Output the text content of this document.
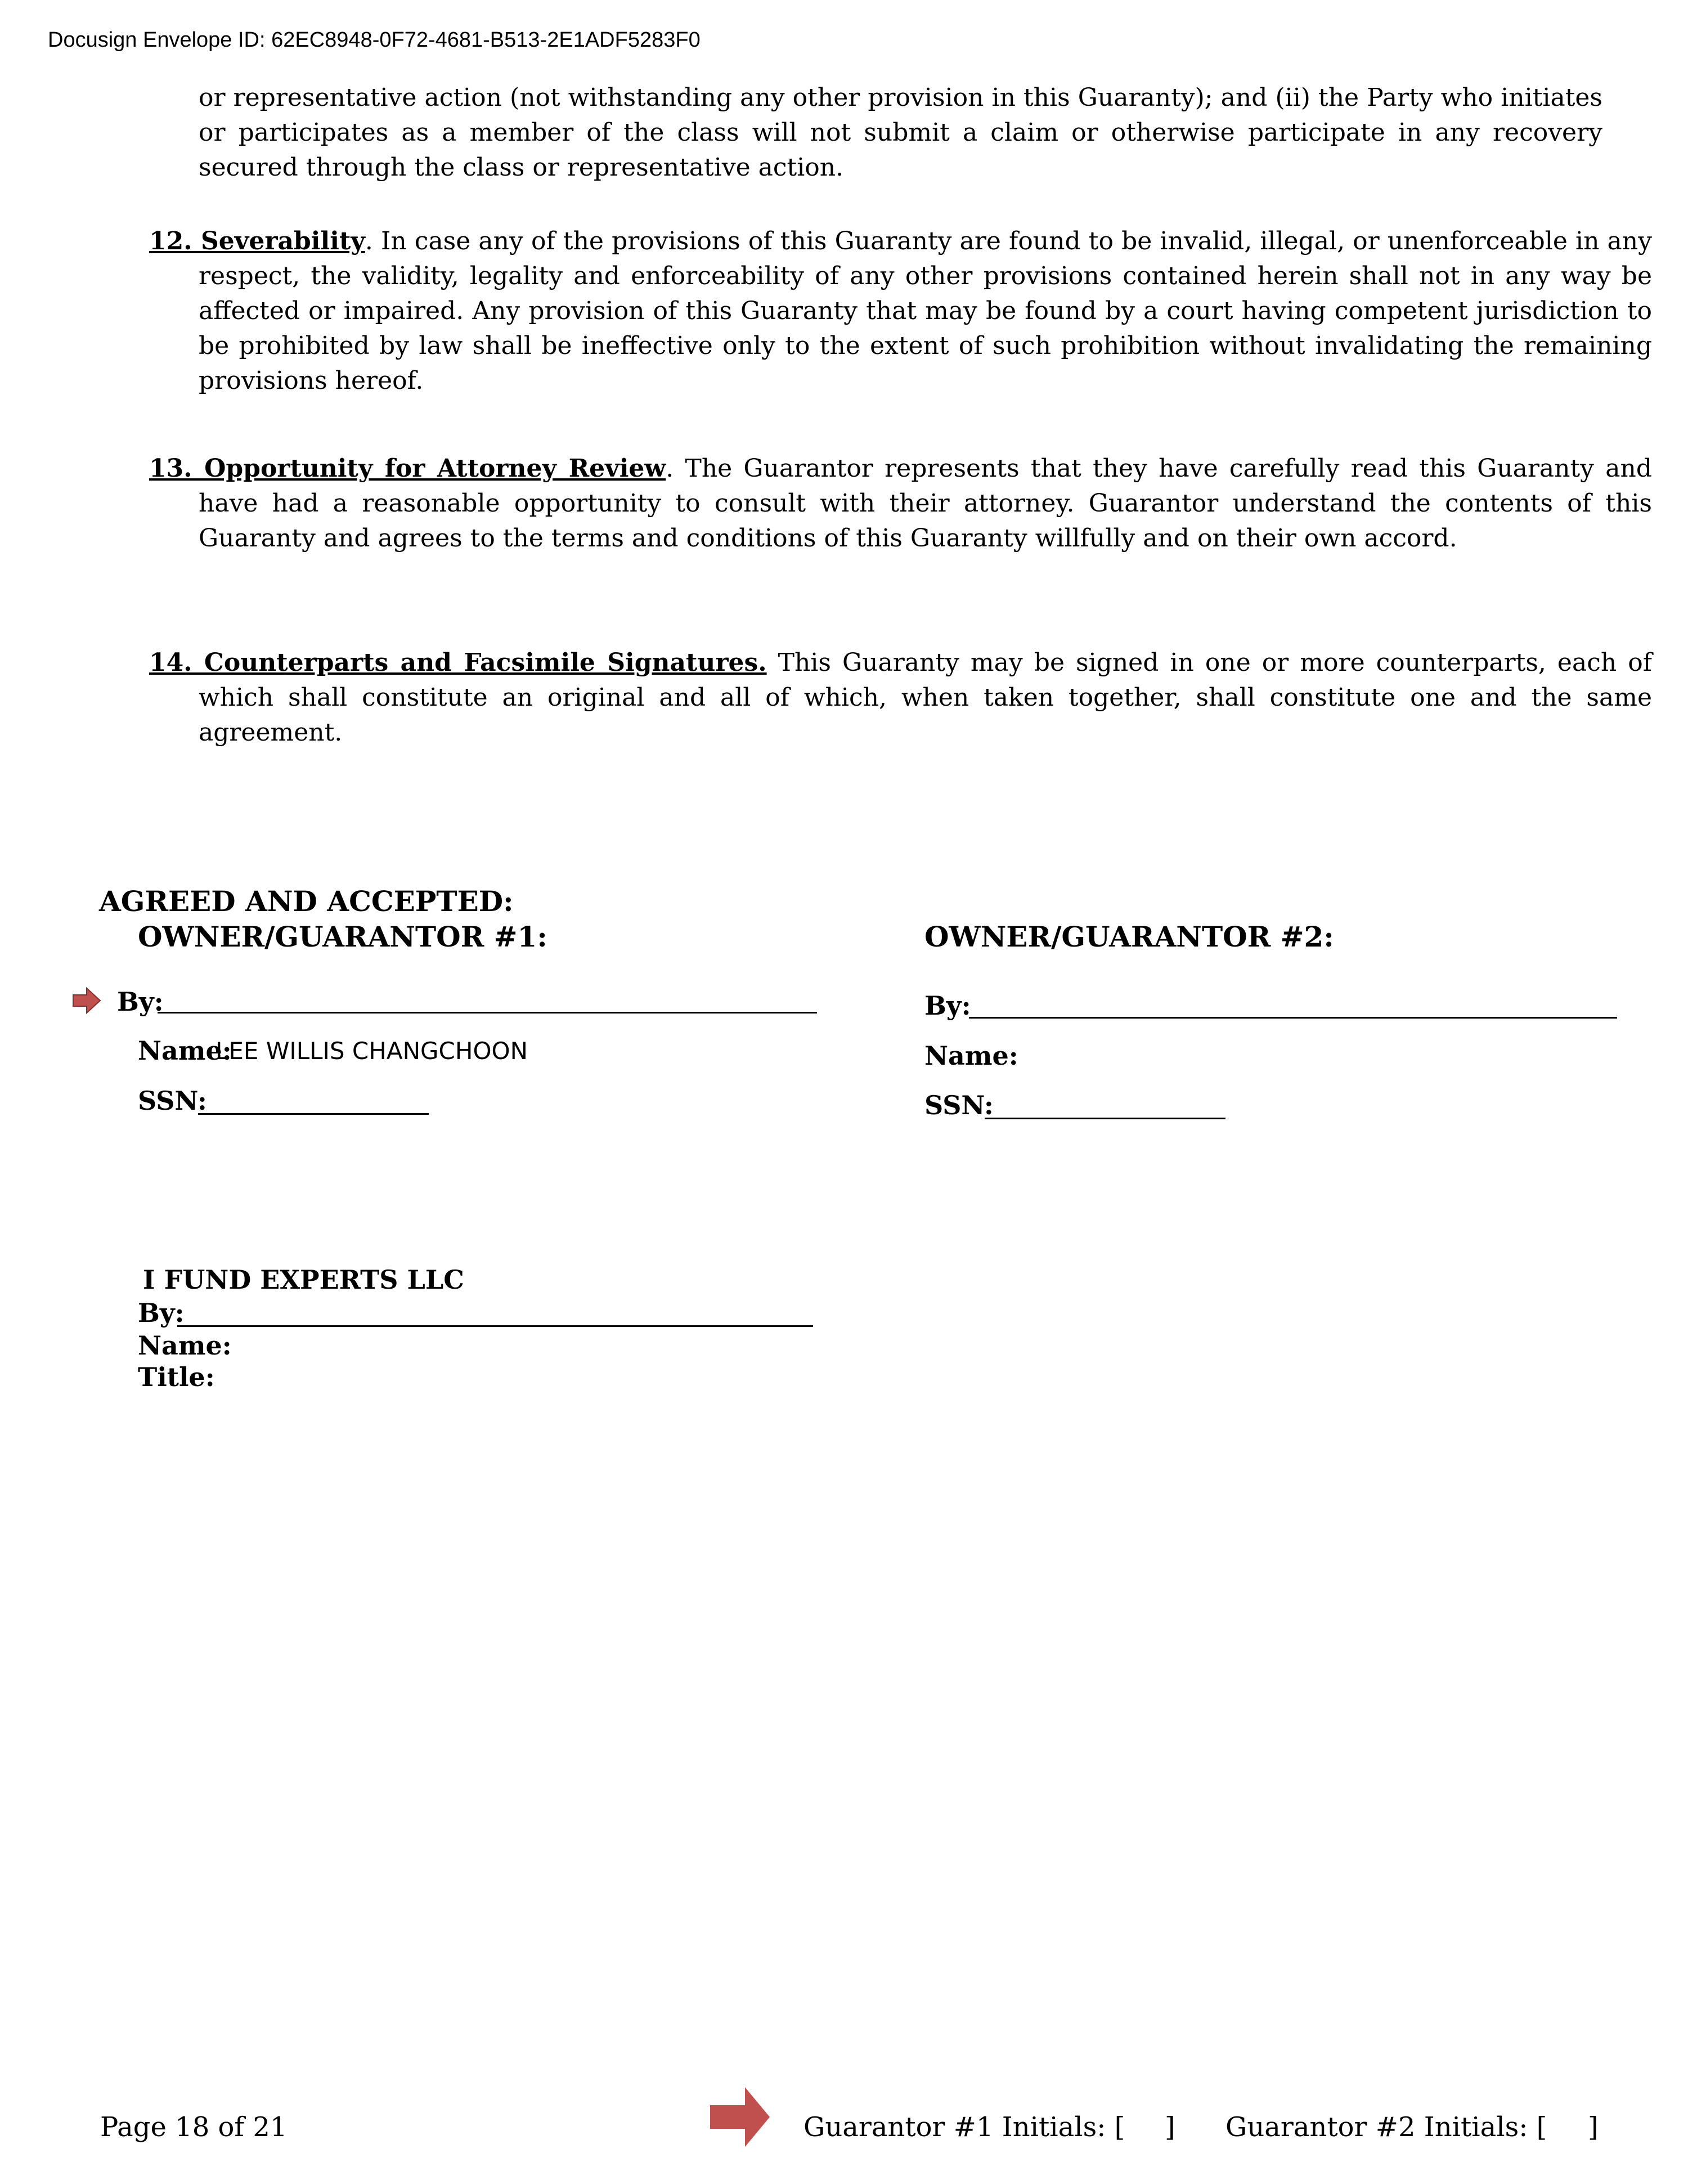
Docusign Envelope ID: 62EC8948-0F72-4681-B513-2E1ADF5283F0

or representative action (not withstanding any other provision in this Guaranty); and (ii) the Party who initiates or participates as a member of the class will not submit a claim or otherwise participate in any recovery secured through the class or representative action.

12. Severability. In case any of the provisions of this Guaranty are found to be invalid, illegal, or unenforceable in any respect, the validity, legality and enforceability of any other provisions contained herein shall not in any way be affected or impaired. Any provision of this Guaranty that may be found by a court having competent jurisdiction to be prohibited by law shall be ineffective only to the extent of such prohibition without invalidating the remaining provisions hereof.

13. Opportunity for Attorney Review. The Guarantor represents that they have carefully read this Guaranty and have had a reasonable opportunity to consult with their attorney. Guarantor understand the contents of this Guaranty and agrees to the terms and conditions of this Guaranty willfully and on their own accord.

14. Counterparts and Facsimile Signatures. This Guaranty may be signed in one or more counterparts, each of which shall constitute an original and all of which, when taken together, shall constitute one and the same agreement.

AGREED AND ACCEPTED:
OWNER/GUARANTOR #1:
By:
Name:
LEE WILLIS CHANGCHOON
SSN:
OWNER/GUARANTOR #2:
By:
Name:
SSN:
I FUND EXPERTS LLC
By:
Name:
Title:
Page 18 of 21	Guarantor #1 Initials: [ ] Guarantor #2 Initials: [ ]
